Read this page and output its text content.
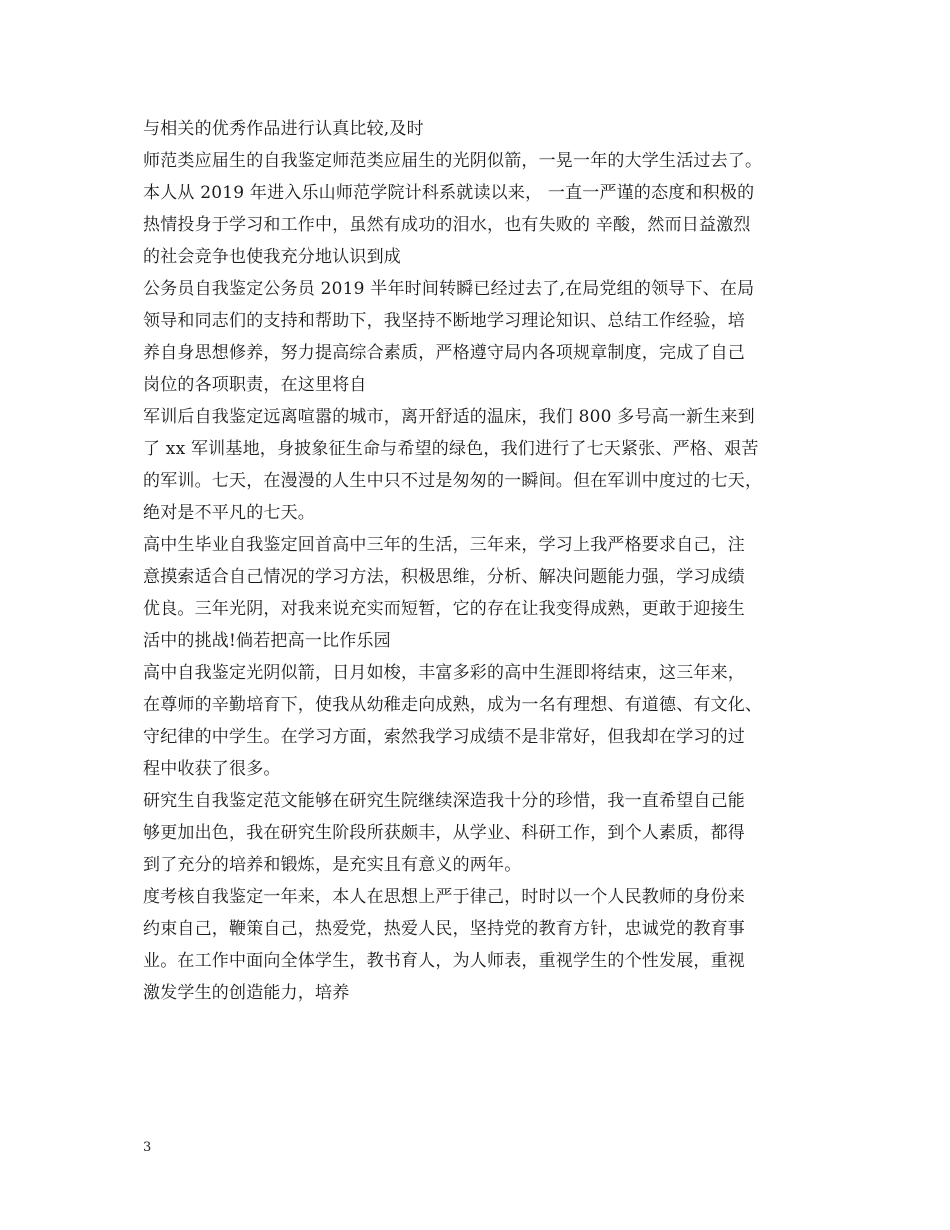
与相关的优秀作品进行认真比较,及时
师范类应届生的自我鉴定师范类应届生的光阴似箭，一晃一年的大学生活过去了。
本人从 2019 年进入乐山师范学院计科系就读以来， 一直一严谨的态度和积极的
热情投身于学习和工作中，虽然有成功的泪水，也有失败的 辛酸，然而日益激烈
的社会竞争也使我充分地认识到成
公务员自我鉴定公务员 2019 半年时间转瞬已经过去了,在局党组的领导下、在局
领导和同志们的支持和帮助下，我坚持不断地学习理论知识、总结工作经验，培
养自身思想修养，努力提高综合素质，严格遵守局内各项规章制度，完成了自己
岗位的各项职责，在这里将自
军训后自我鉴定远离喧嚣的城市，离开舒适的温床，我们 800 多号高一新生来到
了 xx 军训基地，身披象征生命与希望的绿色，我们进行了七天紧张、严格、艰苦
的军训。七天，在漫漫的人生中只不过是匆匆的一瞬间。但在军训中度过的七天，
绝对是不平凡的七天。
高中生毕业自我鉴定回首高中三年的生活，三年来，学习上我严格要求自己，注
意摸索适合自己情况的学习方法，积极思维，分析、解决问题能力强，学习成绩
优良。三年光阴，对我来说充实而短暂，它的存在让我变得成熟，更敢于迎接生
活中的挑战!倘若把高一比作乐园
高中自我鉴定光阴似箭，日月如梭，丰富多彩的高中生涯即将结束，这三年来，
在尊师的辛勤培育下，使我从幼稚走向成熟，成为一名有理想、有道德、有文化、
守纪律的中学生。在学习方面，索然我学习成绩不是非常好，但我却在学习的过
程中收获了很多。
研究生自我鉴定范文能够在研究生院继续深造我十分的珍惜，我一直希望自己能
够更加出色，我在研究生阶段所获颇丰，从学业、科研工作，到个人素质，都得
到了充分的培养和锻炼，是充实且有意义的两年。
度考核自我鉴定一年来，本人在思想上严于律己，时时以一个人民教师的身份来
约束自己，鞭策自己，热爱党，热爱人民，坚持党的教育方针，忠诚党的教育事
业。在工作中面向全体学生，教书育人，为人师表，重视学生的个性发展，重视
激发学生的创造能力，培养
3
